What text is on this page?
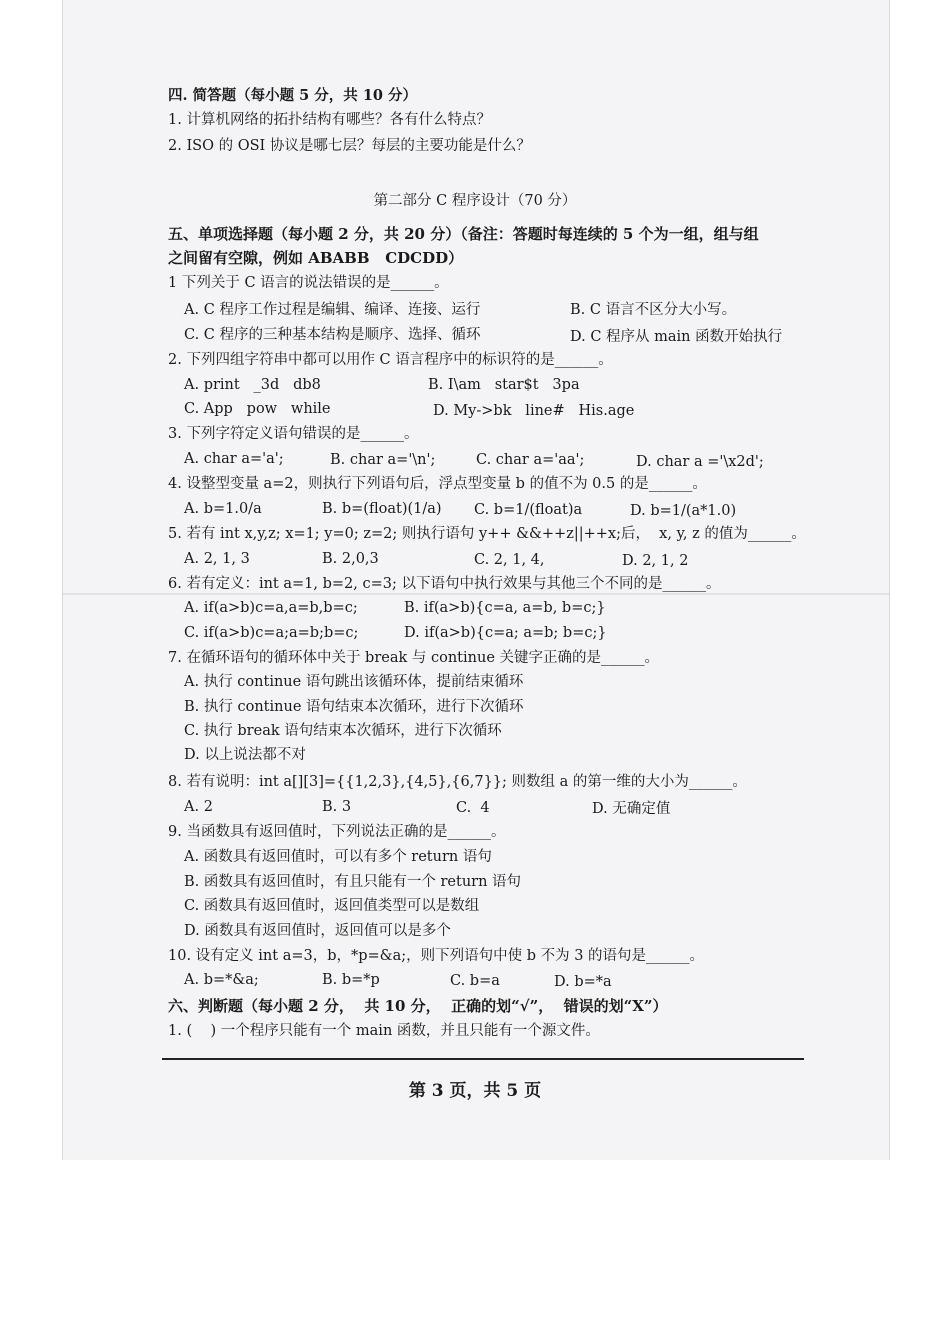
四. 简答题（每小题 5 分，共 10 分）
1. 计算机网络的拓扑结构有哪些？各有什么特点？
2. ISO 的 OSI 协议是哪七层？每层的主要功能是什么？
第二部分 C 程序设计（70 分）
五、单项选择题（每小题 2 分，共 20 分）（备注：答题时每连续的 5 个为一组，组与组
之间留有空隙，例如 ABABB   CDCDD）
1 下列关于 C 语言的说法错误的是______。
A. C 程序工作过程是编辑、编译、连接、运行	B. C 语言不区分大小写。
C. C 程序的三种基本结构是顺序、选择、循环	D. C 程序从 main 函数开始执行
2. 下列四组字符串中都可以用作 C 语言程序中的标识符的是______。
A. print   _3d   db8	B. I\am   star$t   3pa
C. App   pow   while	D. My->bk   line#   His.age
3. 下列字符定义语句错误的是______。
A. char a='a';	B. char a='\n';	C. char a='aa';	D. char a ='\x2d';
4. 设整型变量 a=2，则执行下列语句后，浮点型变量 b 的值不为 0.5 的是______。
A. b=1.0/a	B. b=(float)(1/a) C. b=1/(float)a	D. b=1/(a*1.0)
5. 若有 int x,y,z; x=1; y=0; z=2; 则执行语句 y++ &&++z||++x;后，  x, y, z 的值为______。
A. 2, 1, 3	B. 2,0,3	C. 2, 1, 4,	D. 2, 1, 2
6. 若有定义：int a=1, b=2, c=3; 以下语句中执行效果与其他三个不同的是______。
A. if(a>b)c=a,a=b,b=c;	B. if(a>b){c=a, a=b, b=c;}
C. if(a>b)c=a;a=b;b=c;	D. if(a>b){c=a; a=b; b=c;}
7. 在循环语句的循环体中关于 break 与 continue 关键字正确的是______。
A. 执行 continue 语句跳出该循环体，提前结束循环
B. 执行 continue 语句结束本次循环，进行下次循环
C. 执行 break 语句结束本次循环，进行下次循环
D. 以上说法都不对
8. 若有说明：int a[][3]={{1,2,3},{4,5},{6,7}}; 则数组 a 的第一维的大小为______。
A. 2	B. 3	C.  4	D. 无确定值
9. 当函数具有返回值时，下列说法正确的是______。
A. 函数具有返回值时，可以有多个 return 语句
B. 函数具有返回值时，有且只能有一个 return 语句
C. 函数具有返回值时，返回值类型可以是数组
D. 函数具有返回值时，返回值可以是多个
10. 设有定义 int a=3，b，*p=&a;，则下列语句中使 b 不为 3 的语句是______。
A. b=*&a;	B. b=*p	C. b=a	D. b=*a
六、判断题（每小题 2 分，  共 10 分，  正确的划“√”，  错误的划“X”）
1. (    ) 一个程序只能有一个 main 函数，并且只能有一个源文件。
第 3 页，共 5 页
